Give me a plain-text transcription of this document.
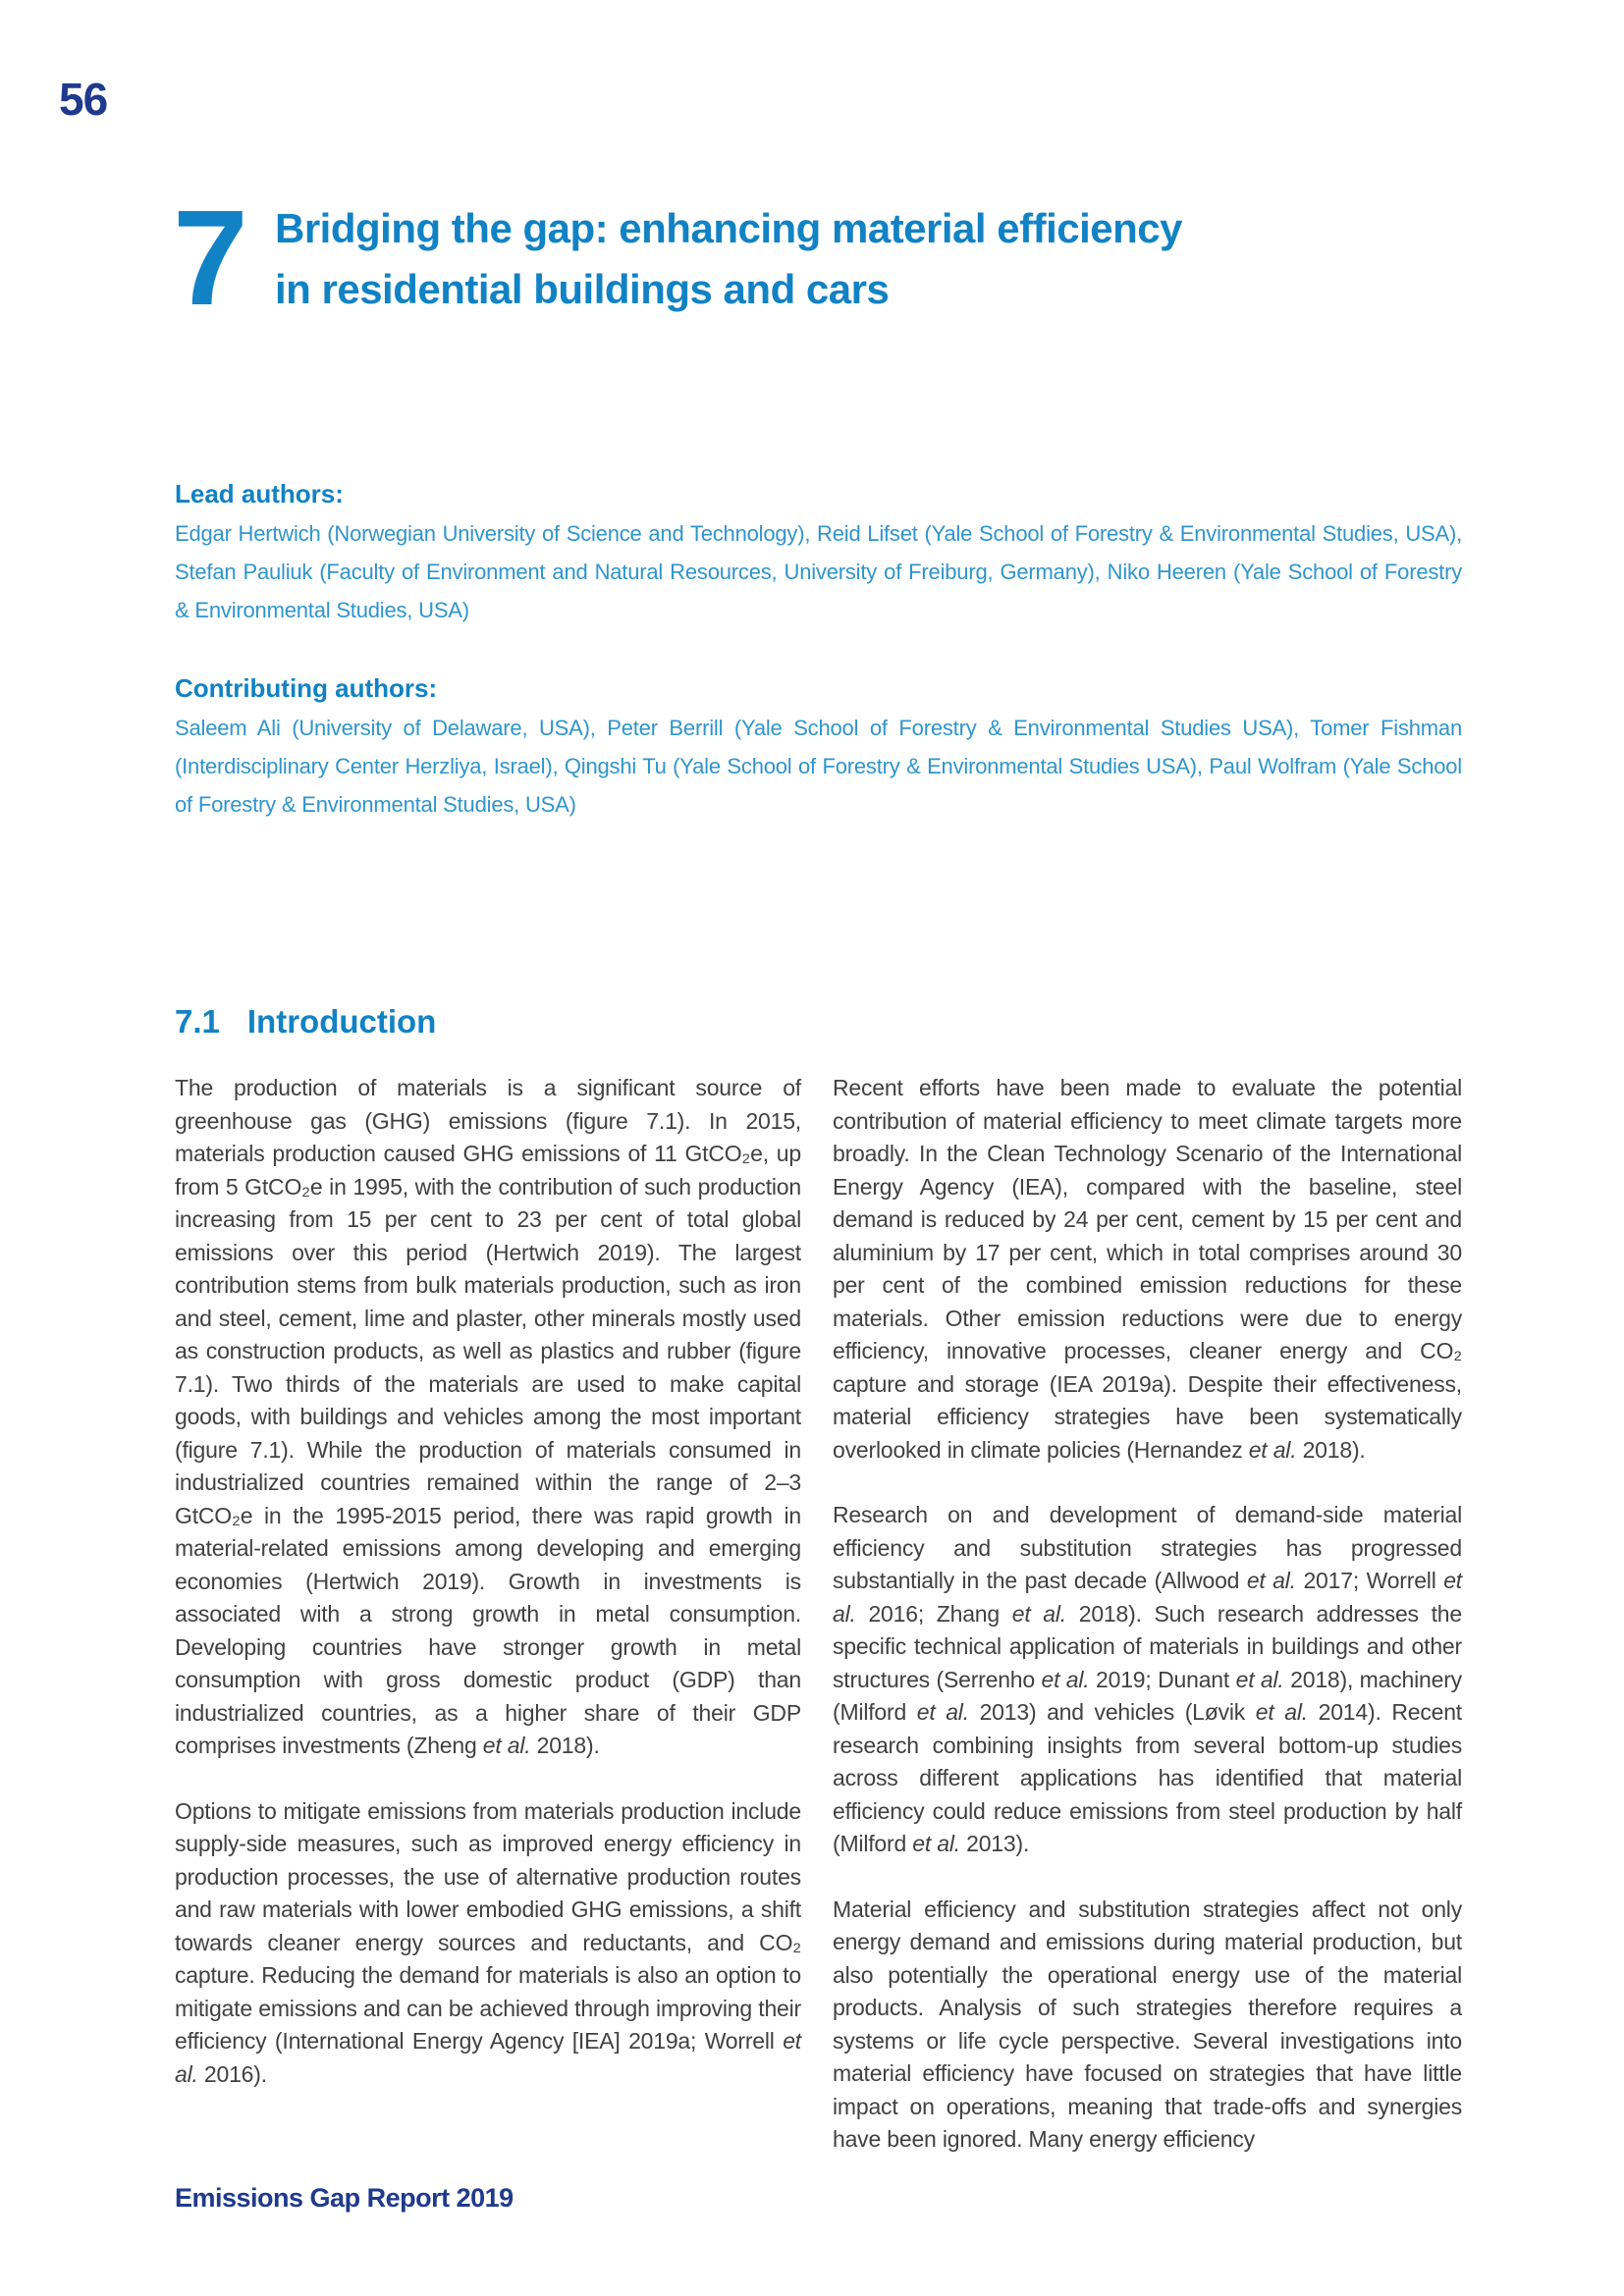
56
7 Bridging the gap: enhancing material efficiency
in residential buildings and cars
Lead authors:
Edgar Hertwich (Norwegian University of Science and Technology), Reid Lifset (Yale School of Forestry & Environmental Studies, USA), Stefan Pauliuk (Faculty of Environment and Natural Resources, University of Freiburg, Germany), Niko Heeren (Yale School of Forestry & Environmental Studies, USA)
Contributing authors:
Saleem Ali (University of Delaware, USA), Peter Berrill (Yale School of Forestry & Environmental Studies USA), Tomer Fishman (Interdisciplinary Center Herzliya, Israel), Qingshi Tu (Yale School of Forestry & Environmental Studies USA), Paul Wolfram (Yale School of Forestry & Environmental Studies, USA)
7.1 Introduction

The production of materials is a significant source of greenhouse gas (GHG) emissions (figure 7.1). In 2015, materials production caused GHG emissions of 11 GtCO₂e, up from 5 GtCO₂e in 1995, with the contribution of such production increasing from 15 per cent to 23 per cent of total global emissions over this period (Hertwich 2019). The largest contribution stems from bulk materials production, such as iron and steel, cement, lime and plaster, other minerals mostly used as construction products, as well as plastics and rubber (figure 7.1). Two thirds of the materials are used to make capital goods, with buildings and vehicles among the most important (figure 7.1). While the production of materials consumed in industrialized countries remained within the range of 2–3 GtCO₂e in the 1995-2015 period, there was rapid growth in material-related emissions among developing and emerging economies (Hertwich 2019). Growth in investments is associated with a strong growth in metal consumption. Developing countries have stronger growth in metal consumption with gross domestic product (GDP) than industrialized countries, as a higher share of their GDP comprises investments (Zheng et al. 2018).

Options to mitigate emissions from materials production include supply-side measures, such as improved energy efficiency in production processes, the use of alternative production routes and raw materials with lower embodied GHG emissions, a shift towards cleaner energy sources and reductants, and CO₂ capture. Reducing the demand for materials is also an option to mitigate emissions and can be achieved through improving their efficiency (International Energy Agency [IEA] 2019a; Worrell et al. 2016).

Recent efforts have been made to evaluate the potential contribution of material efficiency to meet climate targets more broadly. In the Clean Technology Scenario of the International Energy Agency (IEA), compared with the baseline, steel demand is reduced by 24 per cent, cement by 15 per cent and aluminium by 17 per cent, which in total comprises around 30 per cent of the combined emission reductions for these materials. Other emission reductions were due to energy efficiency, innovative processes, cleaner energy and CO₂ capture and storage (IEA 2019a). Despite their effectiveness, material efficiency strategies have been systematically overlooked in climate policies (Hernandez et al. 2018).

Research on and development of demand-side material efficiency and substitution strategies has progressed substantially in the past decade (Allwood et al. 2017; Worrell et al. 2016; Zhang et al. 2018). Such research addresses the specific technical application of materials in buildings and other structures (Serrenho et al. 2019; Dunant et al. 2018), machinery (Milford et al. 2013) and vehicles (Løvik et al. 2014). Recent research combining insights from several bottom-up studies across different applications has identified that material efficiency could reduce emissions from steel production by half (Milford et al. 2013).

Material efficiency and substitution strategies affect not only energy demand and emissions during material production, but also potentially the operational energy use of the material products. Analysis of such strategies therefore requires a systems or life cycle perspective. Several investigations into material efficiency have focused on strategies that have little impact on operations, meaning that trade-offs and synergies have been ignored. Many energy efficiency

Emissions Gap Report 2019
